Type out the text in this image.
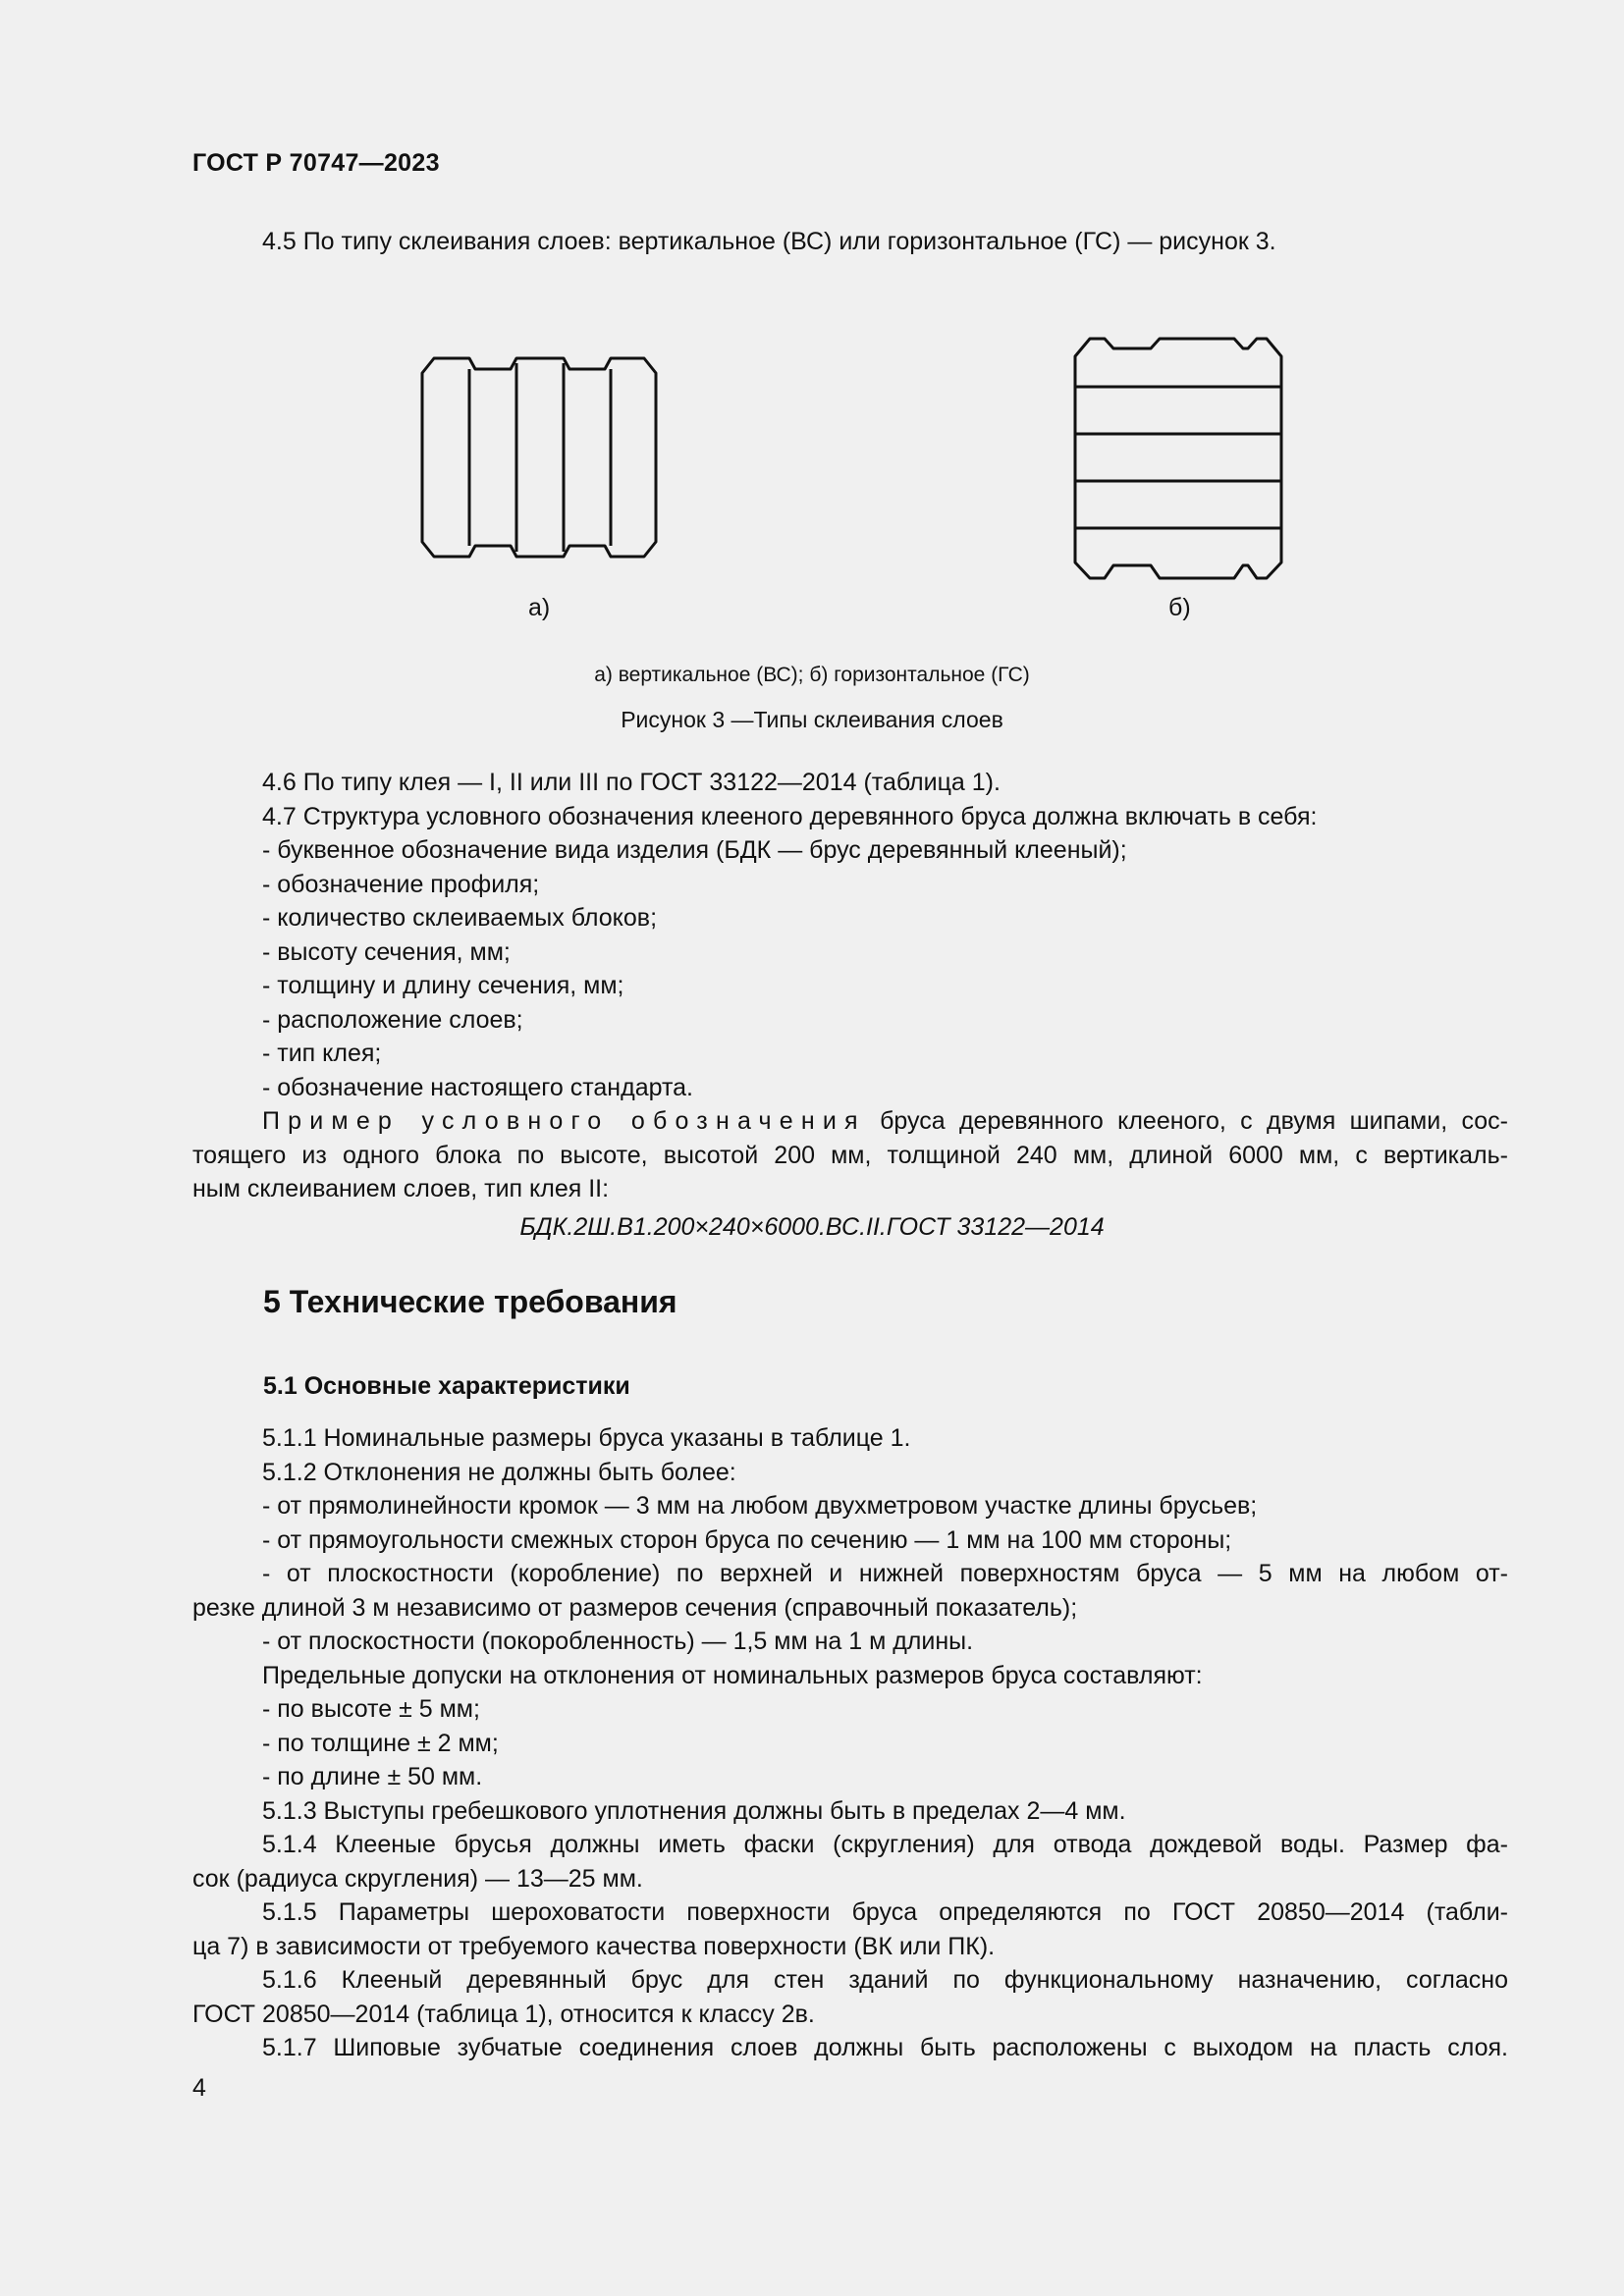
ГОСТ Р 70747—2023
4.5 По типу склеивания слоев: вертикальное (ВС) или горизонтальное (ГС) — рисунок 3.
а)	б)
а) вертикальное (ВС); б) горизонтальное (ГС)
Рисунок 3 —Типы склеивания слоев
4.6 По типу клея — I, II или III по ГОСТ 33122—2014 (таблица 1).
4.7 Структура условного обозначения клееного деревянного бруса должна включать в себя:
- буквенное обозначение вида изделия (БДК — брус деревянный клееный);
- обозначение профиля;
- количество склеиваемых блоков;
- высоту сечения, мм;
- толщину и длину сечения, мм;
- расположение слоев;
- тип клея;
- обозначение настоящего стандарта.
Пример условного обозначения бруса деревянного клееного, с двумя шипами, сос-
тоящего из одного блока по высоте, высотой 200 мм, толщиной 240 мм, длиной 6000 мм, с вертикаль-
ным склеиванием слоев, тип клея II:
БДК.2Ш.В1.200×240×6000.ВС.II.ГОСТ 33122—2014
5 Технические требования
5.1 Основные характеристики
5.1.1 Номинальные размеры бруса указаны в таблице 1.
5.1.2 Отклонения не должны быть более:
- от прямолинейности кромок — 3 мм на любом двухметровом участке длины брусьев;
- от прямоугольности смежных сторон бруса по сечению — 1 мм на 100 мм стороны;
- от плоскостности (коробление) по верхней и нижней поверхностям бруса — 5 мм на любом от-
резке длиной 3 м независимо от размеров сечения (справочный показатель);
- от плоскостности (покоробленность) — 1,5 мм на 1 м длины.
Предельные допуски на отклонения от номинальных размеров бруса составляют:
- по высоте ± 5 мм;
- по толщине ± 2 мм;
- по длине ± 50 мм.
5.1.3 Выступы гребешкового уплотнения должны быть в пределах 2—4 мм.
5.1.4 Клееные брусья должны иметь фаски (скругления) для отвода дождевой воды. Размер фа-
сок (радиуса скругления) — 13—25 мм.
5.1.5 Параметры шероховатости поверхности бруса определяются по ГОСТ 20850—2014 (табли-
ца 7) в зависимости от требуемого качества поверхности (ВК или ПК).
5.1.6 Клееный деревянный брус для стен зданий по функциональному назначению, согласно
ГОСТ 20850—2014 (таблица 1), относится к классу 2в.
5.1.7 Шиповые зубчатые соединения слоев должны быть расположены с выходом на пласть слоя.
4
